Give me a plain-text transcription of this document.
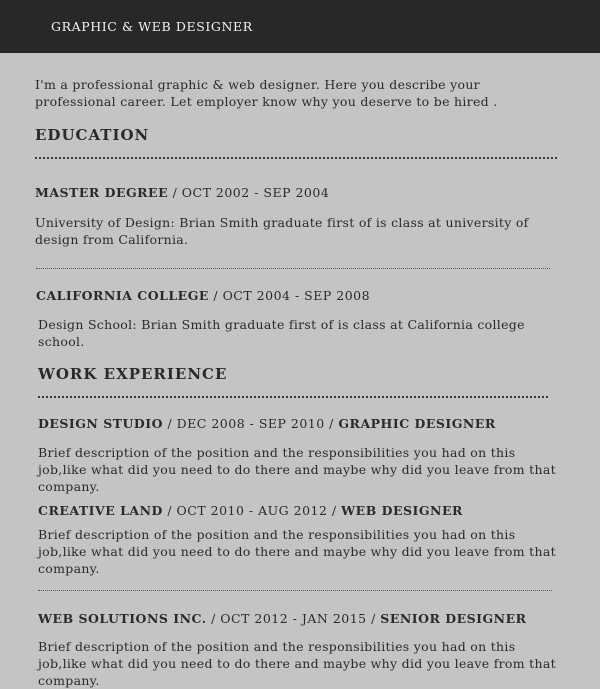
GRAPHIC & WEB DESIGNER
I'm a professional graphic & web designer. Here you describe your professional career. Let employer know why you deserve to be hired .
EDUCATION
MASTER DEGREE / OCT 2002 - SEP 2004
University of Design: Brian Smith graduate first of is class at university of design from California.
CALIFORNIA COLLEGE / OCT 2004 - SEP 2008
Design School: Brian Smith graduate first of is class at California college school.
WORK EXPERIENCE
DESIGN STUDIO / DEC 2008 - SEP 2010 / GRAPHIC DESIGNER
Brief description of the position and the responsibilities you had on this job,like what did you need to do there and maybe why did you leave from that company.
CREATIVE LAND / OCT 2010 - AUG 2012 / WEB DESIGNER
Brief description of the position and the responsibilities you had on this job,like what did you need to do there and maybe why did you leave from that company.
WEB SOLUTIONS INC. / OCT 2012 - JAN 2015 / SENIOR DESIGNER
Brief description of the position and the responsibilities you had on this job,like what did you need to do there and maybe why did you leave from that company.
